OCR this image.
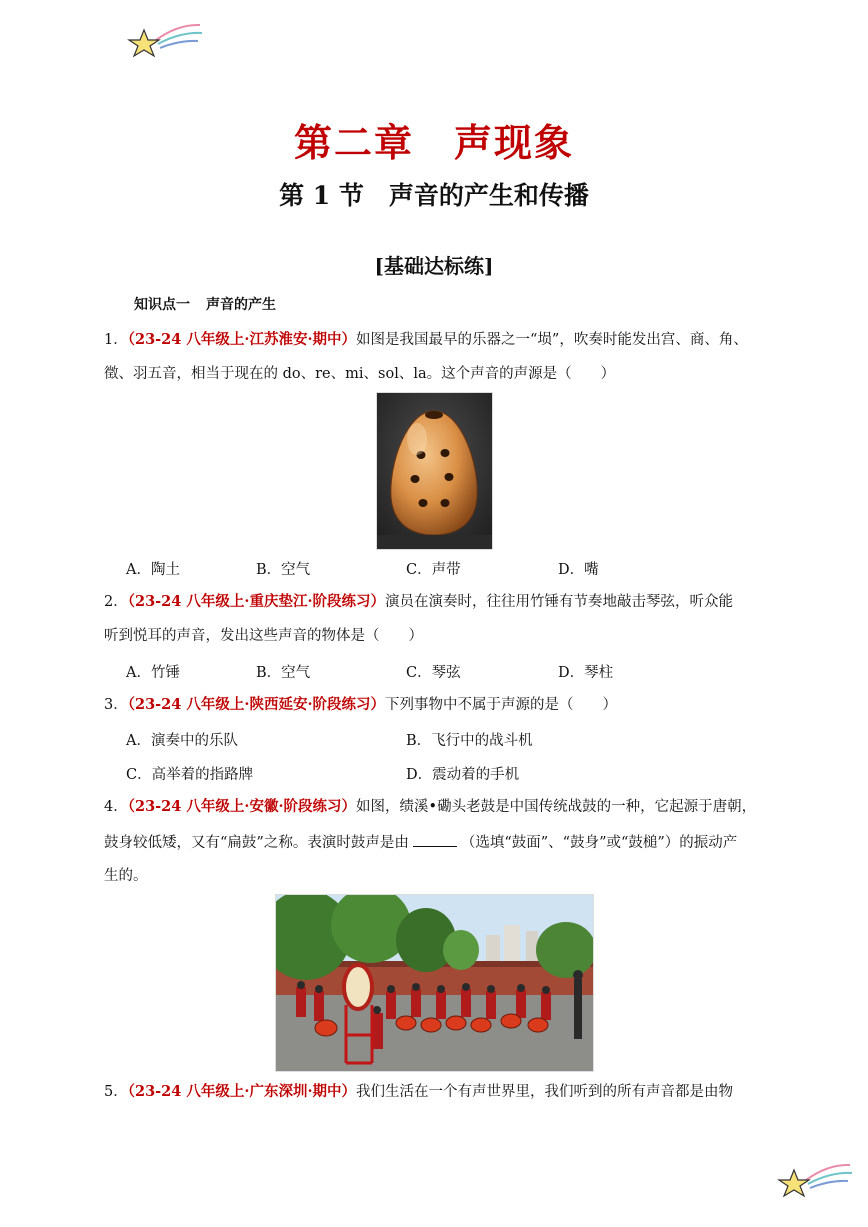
第二章　声现象
第 1 节　声音的产生和传播
[基础达标练]
知识点一 声音的产生
1．（23-24 八年级上·江苏淮安·期中）如图是我国最早的乐器之一“埙”，吹奏时能发出宫、商、角、
徵、羽五音，相当于现在的 do、re、mi、sol、la。这个声音的声源是（　　）
A．陶土	B．空气	C．声带	D．嘴
2．（23-24 八年级上·重庆垫江·阶段练习）演员在演奏时，往往用竹锤有节奏地敲击琴弦，听众能
听到悦耳的声音，发出这些声音的物体是（　　）
A．竹锤	B．空气	C．琴弦	D．琴柱
3．（23-24 八年级上·陕西延安·阶段练习）下列事物中不属于声源的是（　　）
A．演奏中的乐队	B．飞行中的战斗机
C．高举着的指路牌	D．震动着的手机
4．（23-24 八年级上·安徽·阶段练习）如图，绩溪•磡头老鼓是中国传统战鼓的一种，它起源于唐朝，
鼓身较低矮，又有“扁鼓”之称。表演时鼓声是由	（选填“鼓面”、“鼓身”或“鼓槌”）的振动产
生的。
5．（23-24 八年级上·广东深圳·期中）我们生活在一个有声世界里，我们听到的所有声音都是由物
